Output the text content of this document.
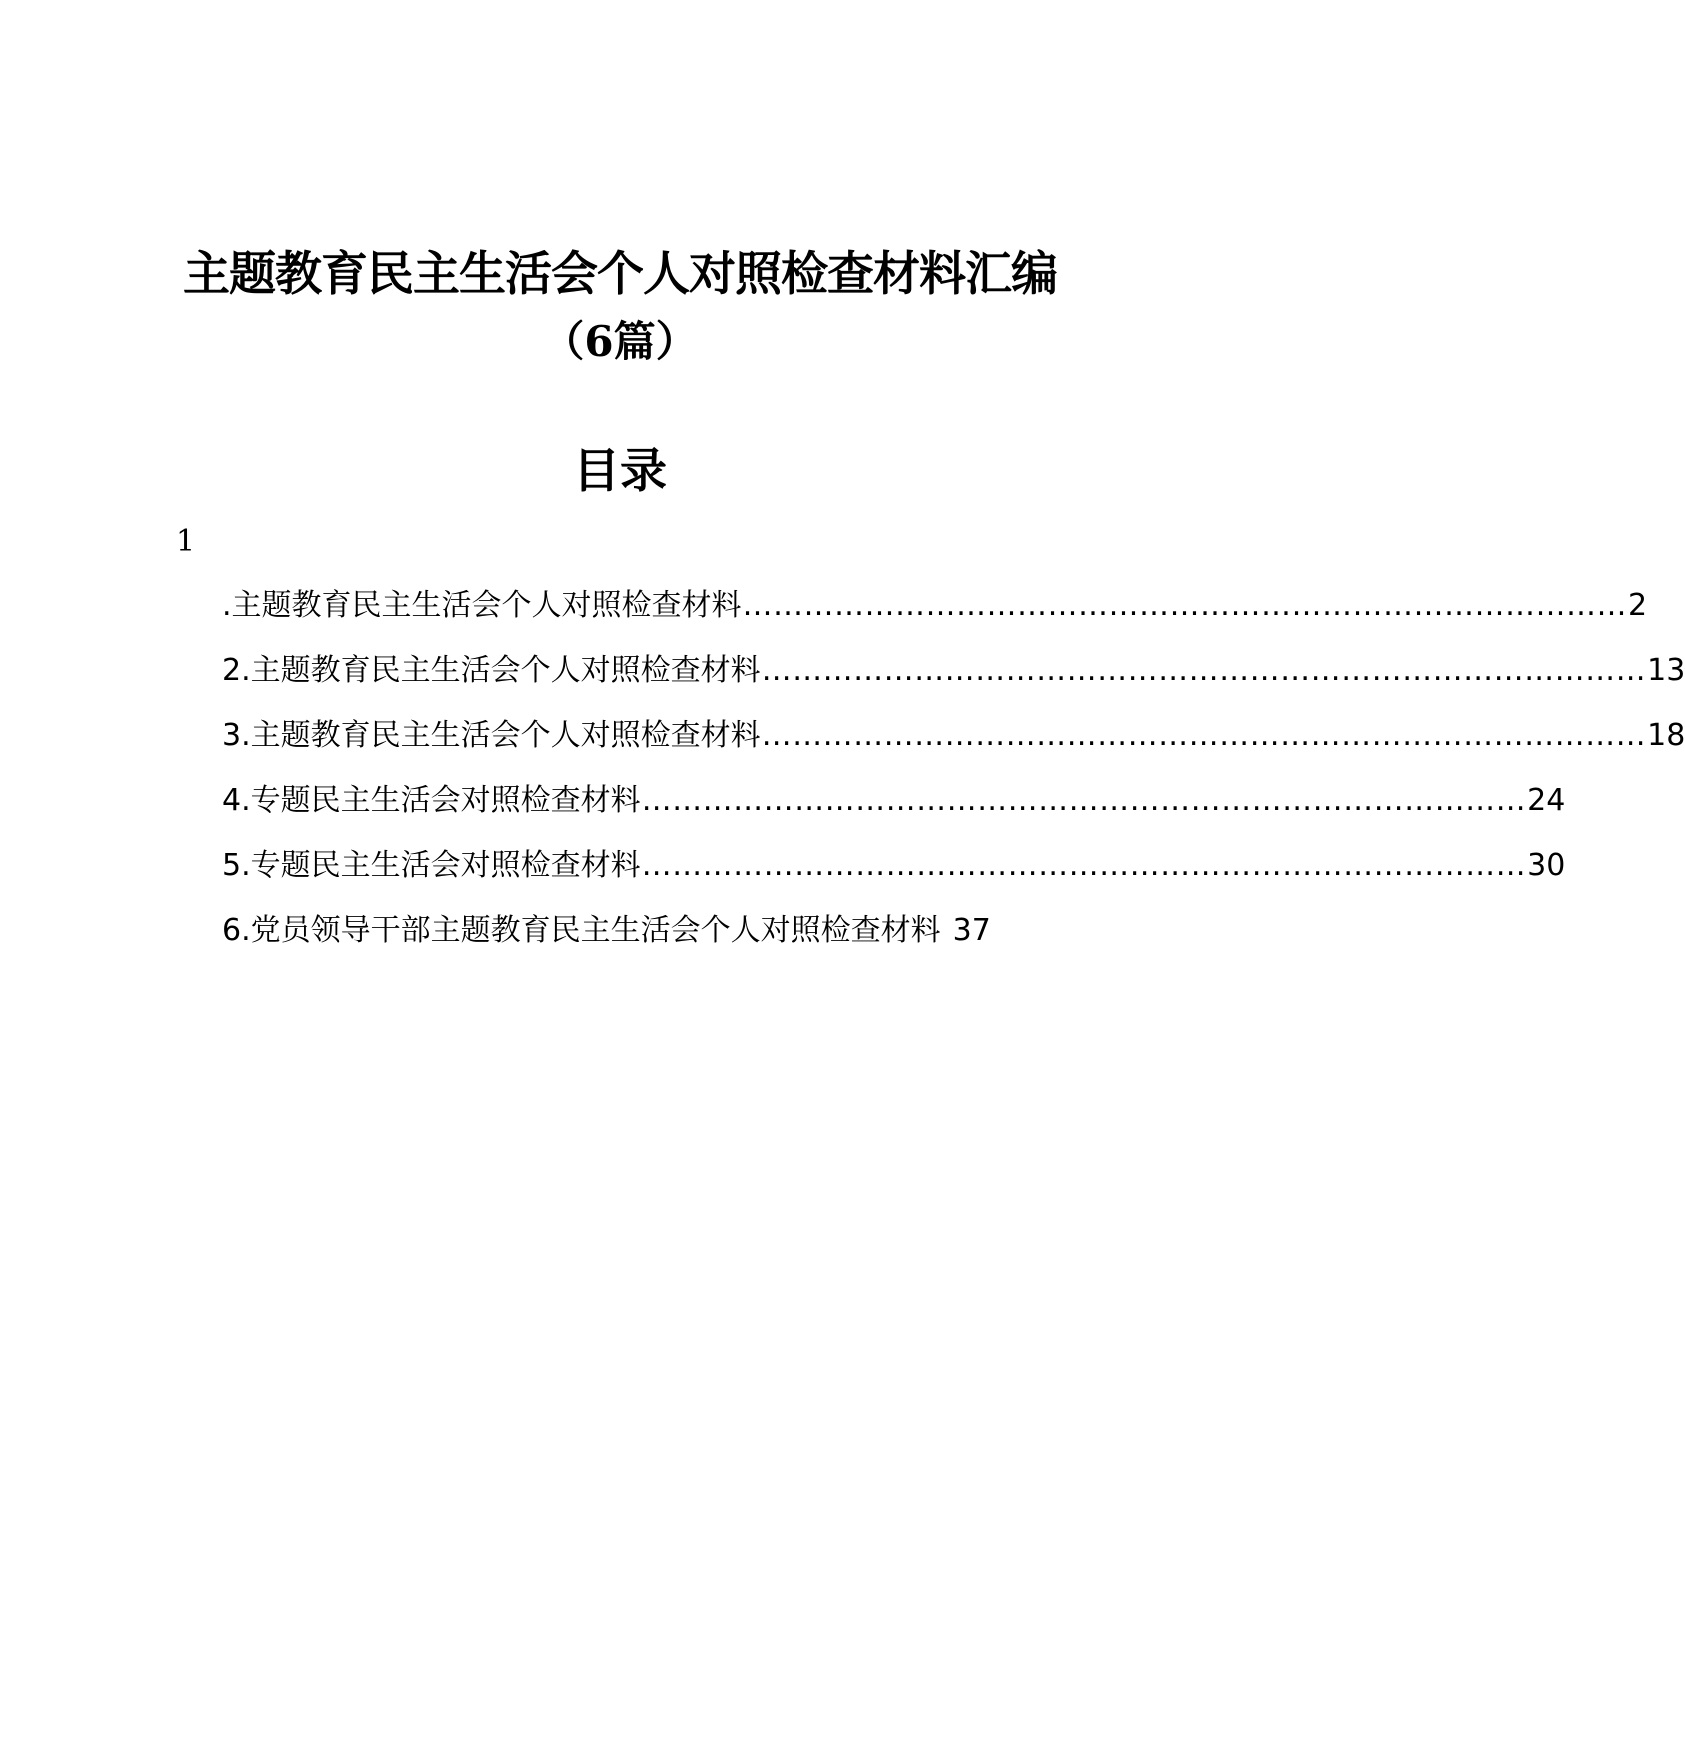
主题教育民主生活会个人对照检查材料汇编
（6篇）
目录
1
.主题教育民主生活会个人对照检查材料 …………………………………………………………………………… 2
2.主题教育民主生活会个人对照检查材料 …………………………………………………………………………… 13
3.主题教育民主生活会个人对照检查材料 …………………………………………………………………………… 18
4.专题民主生活会对照检查材料 …………………………………………………………………………… 24
5.专题民主生活会对照检查材料 …………………………………………………………………………… 30
6.党员领导干部主题教育民主生活会个人对照检查材料 37
